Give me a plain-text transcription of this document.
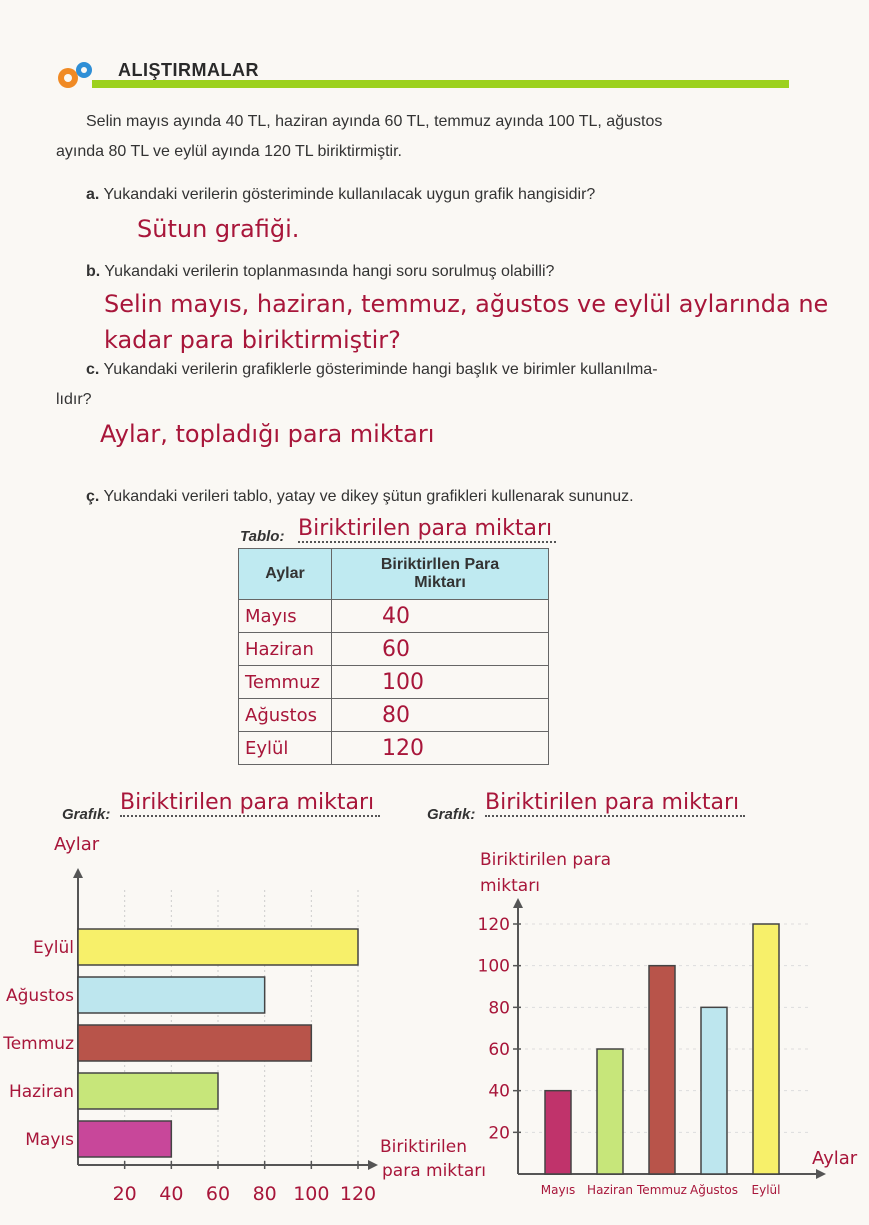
ALIŞTIRMALAR
Selin mayıs ayında 40 TL, haziran ayında 60 TL, temmuz ayında 100 TL, ağustos
ayında 80 TL ve eylül ayında 120 TL biriktirmiştir.
a. Yukandaki verilerin gösteriminde kullanılacak uygun grafik hangisidir?
Sütun grafiği.
b. Yukandaki verilerin toplanmasında hangi soru sorulmuş olabilli?
Selin mayıs, haziran, temmuz, ağustos ve eylül aylarında ne
kadar para biriktirmiştir?
c. Yukandaki verilerin grafiklerle gösteriminde hangi başlık ve birimler kullanılma-
lıdır?
Aylar, topladığı para miktarı
ç. Yukandaki verileri tablo, yatay ve dikey şütun grafikleri kullenarak sununuz.
Tablo: Biriktirilen para miktarı
Aylar	Biriktirllen Para
Miktarı

Mayıs	40
Haziran	60
Temmuz	100
Ağustos	80
Eylül	120
Grafık: Biriktirilen para miktarı	Grafık: Biriktirilen para miktarı
Aylar
Mayıs
Haziran
Temmuz
Ağustos
Eylül
20 40 60 80 100 120
Biriktirilen
para miktarı
Biriktirilen para
miktarı
Aylar
20
40
60
80
100
120
Mayıs Haziran Temmuz Ağustos Eylül
